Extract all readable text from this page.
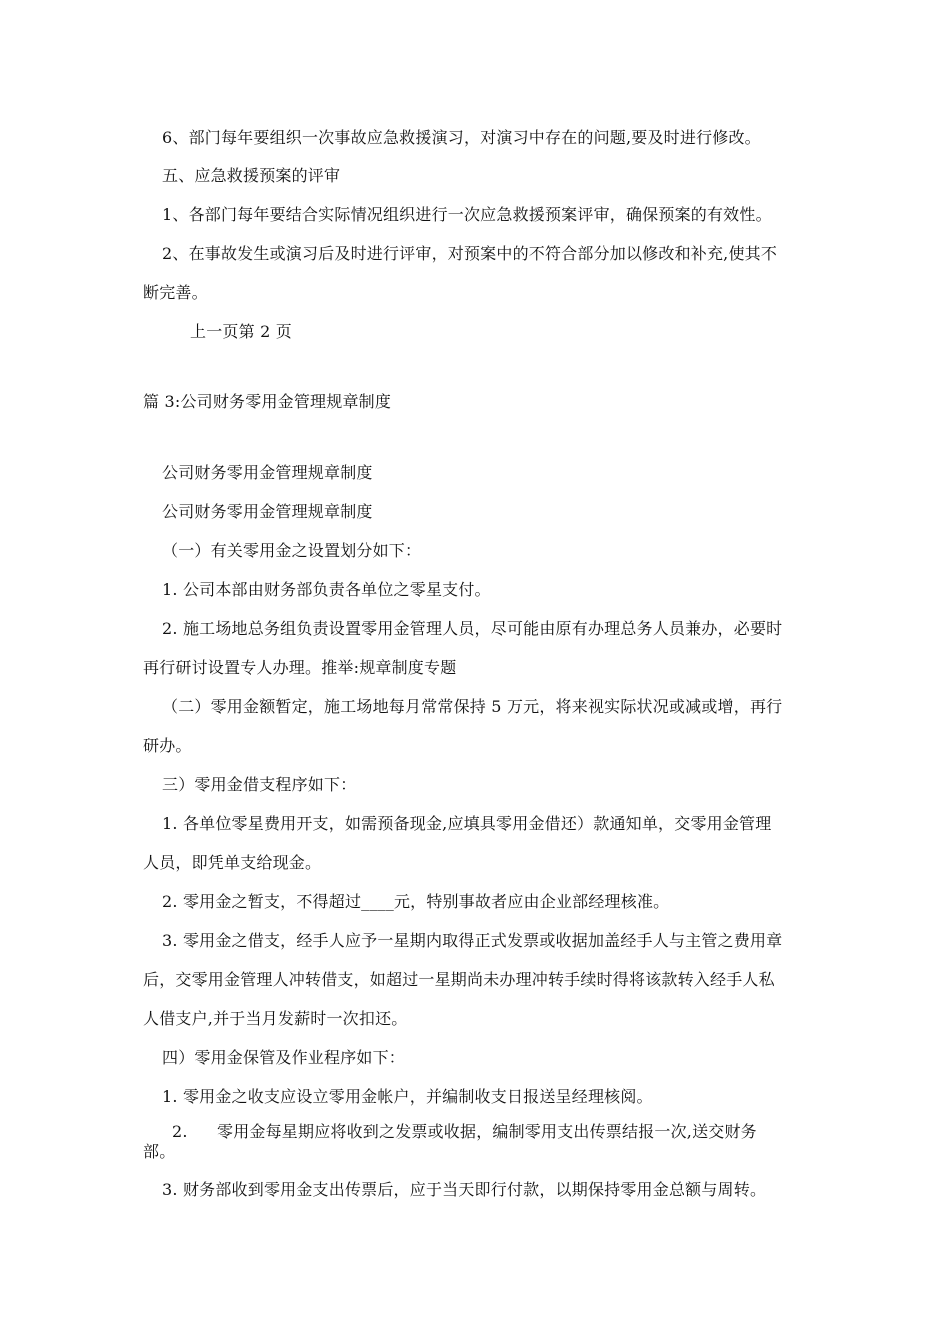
6、部门每年要组织一次事故应急救援演习，对演习中存在的问题,要及时进行修改。
五、应急救援预案的评审
1、各部门每年要结合实际情况组织进行一次应急救援预案评审，确保预案的有效性。
2、在事故发生或演习后及时进行评审，对预案中的不符合部分加以修改和补充,使其不
断完善。
上一页第 2 页
篇 3:公司财务零用金管理规章制度
公司财务零用金管理规章制度
公司财务零用金管理规章制度
（一）有关零用金之设置划分如下：
1. 公司本部由财务部负责各单位之零星支付。
2. 施工场地总务组负责设置零用金管理人员，尽可能由原有办理总务人员兼办，必要时
再行研讨设置专人办理。推举:规章制度专题
（二）零用金额暂定，施工场地每月常常保持 5 万元，将来视实际状况或减或增，再行
研办。
三）零用金借支程序如下：
1. 各单位零星费用开支，如需预备现金,应填具零用金借还）款通知单，交零用金管理
人员，即凭单支给现金。
2. 零用金之暂支，不得超过____元，特别事故者应由企业部经理核准。
3. 零用金之借支，经手人应予一星期内取得正式发票或收据加盖经手人与主管之费用章
后，交零用金管理人冲转借支，如超过一星期尚未办理冲转手续时得将该款转入经手人私
人借支户,并于当月发薪时一次扣还。
四）零用金保管及作业程序如下：
1. 零用金之收支应设立零用金帐户，并编制收支日报送呈经理核阅。
2. 零用金每星期应将收到之发票或收据，编制零用支出传票结报一次,送交财务
部。
3. 财务部收到零用金支出传票后，应于当天即行付款，以期保持零用金总额与周转。
